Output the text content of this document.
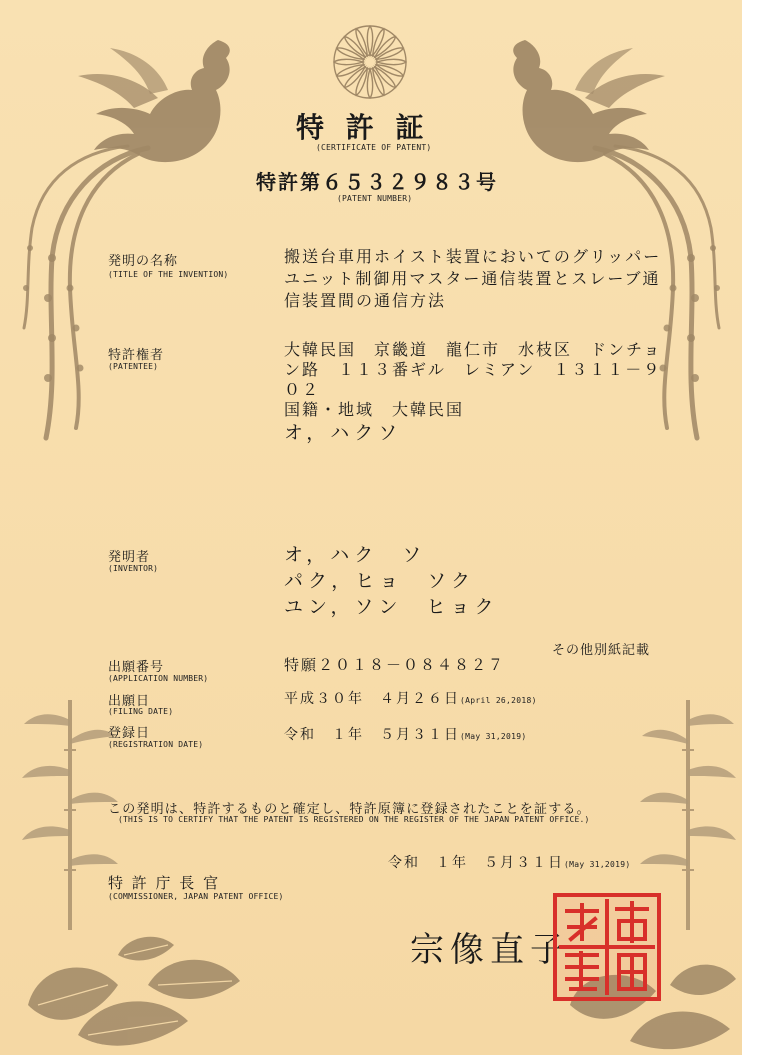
特 許 証
(CERTIFICATE OF PATENT)
特許第６５３２９８３号
(PATENT NUMBER)
発明の名称
(TITLE OF THE INVENTION)
搬送台車用ホイスト装置においてのグリッパー
ユニット制御用マスター通信装置とスレーブ通
信装置間の通信方法
特許権者
(PATENTEE)
大韓民国　京畿道　龍仁市　水枝区　ドンチョ
ン路　１１３番ギル　レミアン　１３１１－９
０２
国籍・地域　大韓民国
オ，ハクソ
発明者
(INVENTOR)
オ，ハク　ソ
パク，ヒョ　ソク
ユン，ソン　ヒョク
その他別紙記載
出願番号
(APPLICATION NUMBER)
特願２０１８－０８４８２７
出願日
(FILING DATE)
平成３０年　４月２６日(April 26,2018)
登録日
(REGISTRATION DATE)
令和　１年　５月３１日(May 31,2019)
この発明は、特許するものと確定し、特許原簿に登録されたことを証する。
(THIS IS TO CERTIFY THAT THE PATENT IS REGISTERED ON THE REGISTER OF THE JAPAN PATENT OFFICE.)
令和　１年　５月３１日(May 31,2019)
特 許 庁 長 官
(COMMISSIONER, JAPAN PATENT OFFICE)
宗像直子
